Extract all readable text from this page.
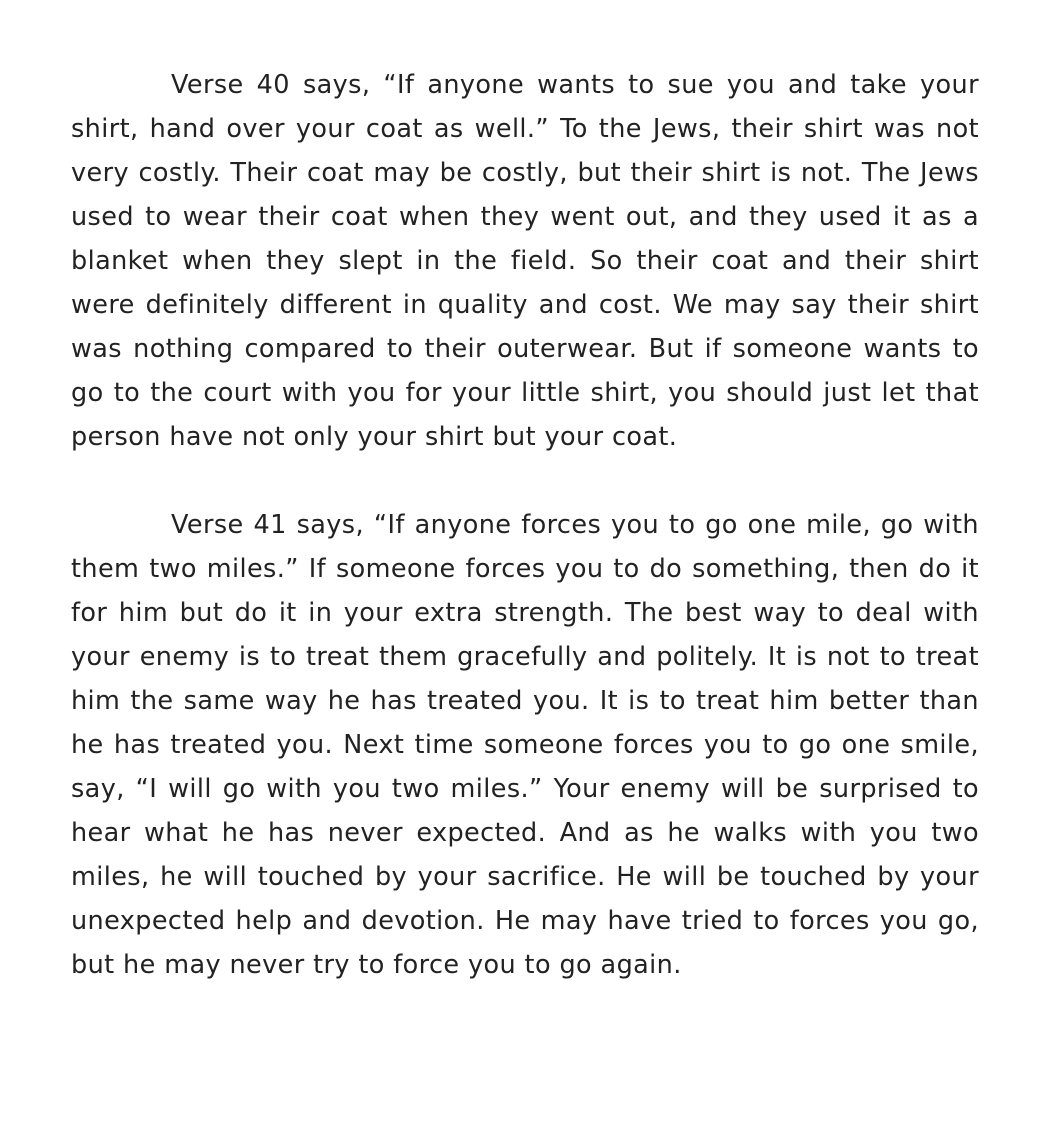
Verse 40 says, “If anyone wants to sue you and take your shirt, hand over your coat as well.” To the Jews, their shirt was not very costly. Their coat may be costly, but their shirt is not. The Jews used to wear their coat when they went out, and they used it as a blanket when they slept in the field. So their coat and their shirt were definitely different in quality and cost. We may say their shirt was nothing compared to their outerwear. But if someone wants to go to the court with you for your little shirt, you should just let that person have not only your shirt but your coat.

Verse 41 says, “If anyone forces you to go one mile, go with them two miles.” If someone forces you to do something, then do it for him but do it in your extra strength. The best way to deal with your enemy is to treat them gracefully and politely. It is not to treat him the same way he has treated you. It is to treat him better than he has treated you. Next time someone forces you to go one smile, say, “I will go with you two miles.” Your enemy will be surprised to hear what he has never expected. And as he walks with you two miles, he will touched by your sacrifice. He will be touched by your unexpected help and devotion. He may have tried to forces you go, but he may never try to force you to go again.
